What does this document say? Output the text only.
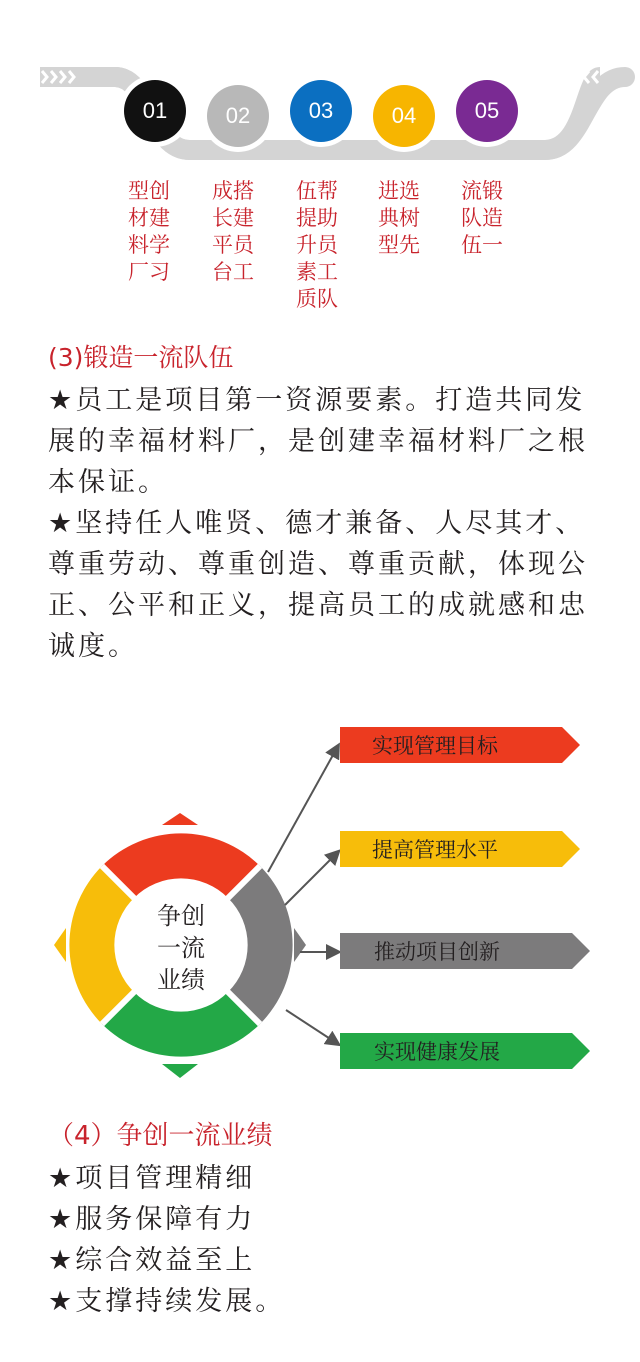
01	02	03	04	05
型创
材建
料学
厂习
成搭
长建
平员
台工
伍帮
提助
升员
素工
质队
进选
典树
型先
流锻
队造
伍一
(3)锻造一流队伍

★员工是项目第一资源要素。打造共同发展的幸福材料厂，是创建幸福材料厂之根本保证。

★坚持任人唯贤、德才兼备、人尽其才、尊重劳动、尊重创造、尊重贡献，体现公正、公平和正义，提高员工的成就感和忠诚度。

争创
一流
业绩
实现管理目标
提高管理水平
推动项目创新
实现健康发展
（4）争创一流业绩
★项目管理精细
★服务保障有力
★综合效益至上
★支撑持续发展。
